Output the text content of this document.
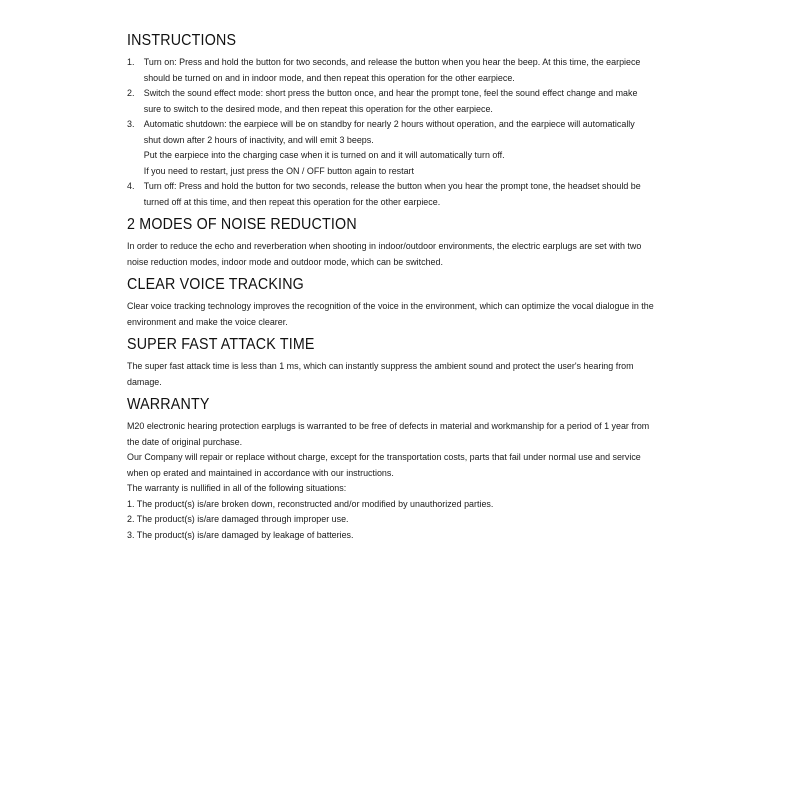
INSTRUCTIONS
1. Turn on: Press and hold the button for two seconds, and release the button when you hear the beep. At this time, the earpiece
should be turned on and in indoor mode, and then repeat this operation for the other earpiece.
2. Switch the sound effect mode: short press the button once, and hear the prompt tone, feel the sound effect change and make
sure to switch to the desired mode, and then repeat this operation for the other earpiece.
3. Automatic shutdown: the earpiece will be on standby for nearly 2 hours without operation, and the earpiece will automatically
shut down after 2 hours of inactivity, and will emit 3 beeps.
Put the earpiece into the charging case when it is turned on and it will automatically turn off.
If you need to restart, just press the ON / OFF button again to restart
4. Turn off: Press and hold the button for two seconds, release the button when you hear the prompt tone, the headset should be
turned off at this time, and then repeat this operation for the other earpiece.
2 MODES OF NOISE REDUCTION

In order to reduce the echo and reverberation when shooting in indoor/outdoor environments, the electric earplugs are set with two
noise reduction modes, indoor mode and outdoor mode, which can be switched.

CLEAR VOICE TRACKING

Clear voice tracking technology improves the recognition of the voice in the environment, which can optimize the vocal dialogue in the
environment and make the voice clearer.

SUPER FAST ATTACK TIME

The super fast attack time is less than 1 ms, which can instantly suppress the ambient sound and protect the user's hearing from
damage.

WARRANTY

M20 electronic hearing protection earplugs is warranted to be free of defects in material and workmanship for a period of 1 year from
the date of original purchase.
Our Company will repair or replace without charge, except for the transportation costs, parts that fail under normal use and service
when op erated and maintained in accordance with our instructions.
The warranty is nullified in all of the following situations:
1. The product(s) is/are broken down, reconstructed and/or modified by unauthorized parties.
2. The product(s) is/are damaged through improper use.
3. The product(s) is/are damaged by leakage of batteries.
